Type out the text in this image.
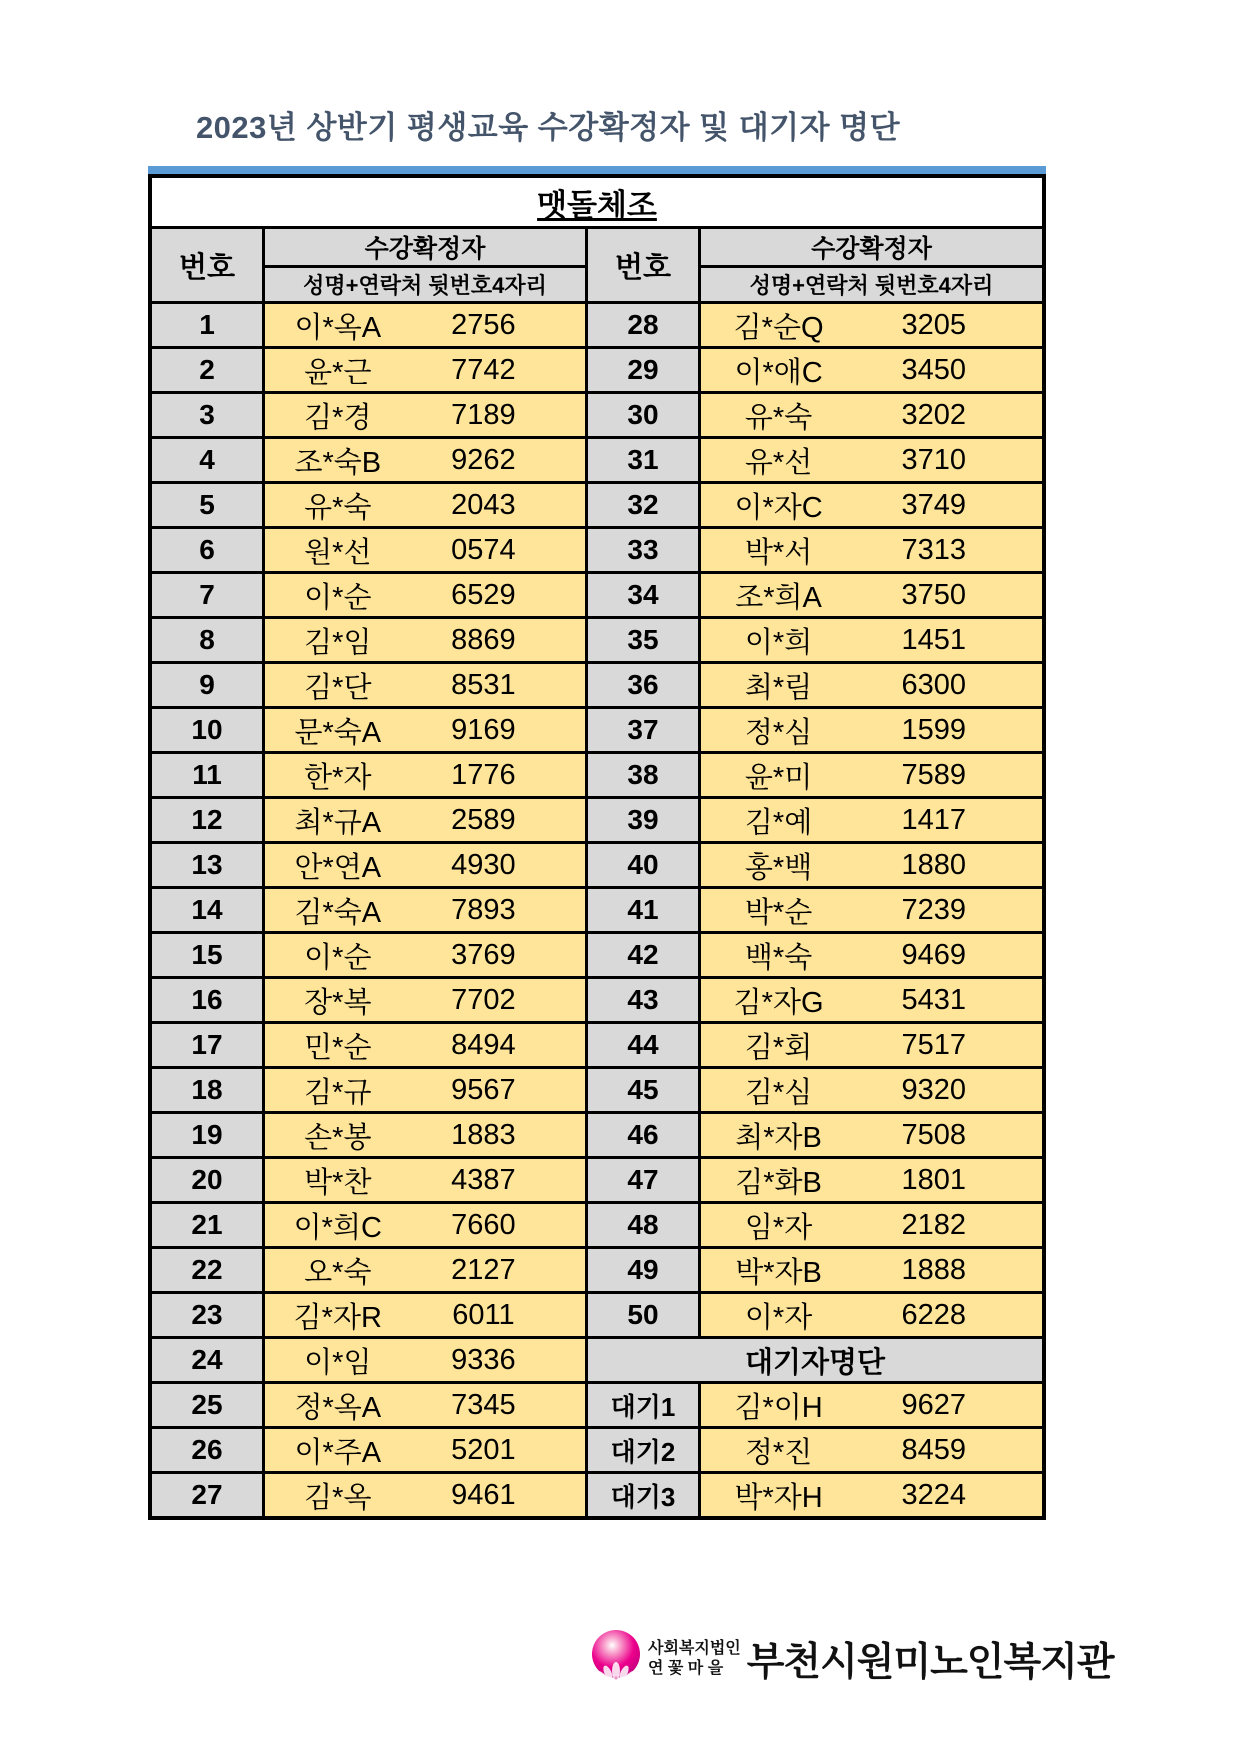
2023년 상반기 평생교육 수강확정자 및 대기자 명단
맷돌체조
번호
수강확정자
성명+연락처 뒷번호4자리
번호
수강확정자
성명+연락처 뒷번호4자리
1	이*옥A	2756	28	김*순Q	3205
2	윤*근	7742	29	이*애C	3450
3	김*경	7189	30	유*숙	3202
4	조*숙B	9262	31	유*선	3710
5	유*숙	2043	32	이*자C	3749
6	원*선	0574	33	박*서	7313
7	이*순	6529	34	조*희A	3750
8	김*임	8869	35	이*희	1451
9	김*단	8531	36	최*림	6300
10	문*숙A	9169	37	정*심	1599
11	한*자	1776	38	윤*미	7589
12	최*규A	2589	39	김*예	1417
13	안*연A	4930	40	홍*백	1880
14	김*숙A	7893	41	박*순	7239
15	이*순	3769	42	백*숙	9469
16	장*복	7702	43	김*자G	5431
17	민*순	8494	44	김*회	7517
18	김*규	9567	45	김*심	9320
19	손*봉	1883	46	최*자B	7508
20	박*찬	4387	47	김*화B	1801
21	이*희C	7660	48	임*자	2182
22	오*숙	2127	49	박*자B	1888
23	김*자R	6011	50	이*자	6228
24	이*임	9336	대기자명단
25	정*옥A	7345	대기1	김*이H	9627
26	이*주A	5201	대기2	정*진	8459
27	김*옥	9461	대기3	박*자H	3224
사회복지법인
연 꽃 마 을 부천시원미노인복지관
